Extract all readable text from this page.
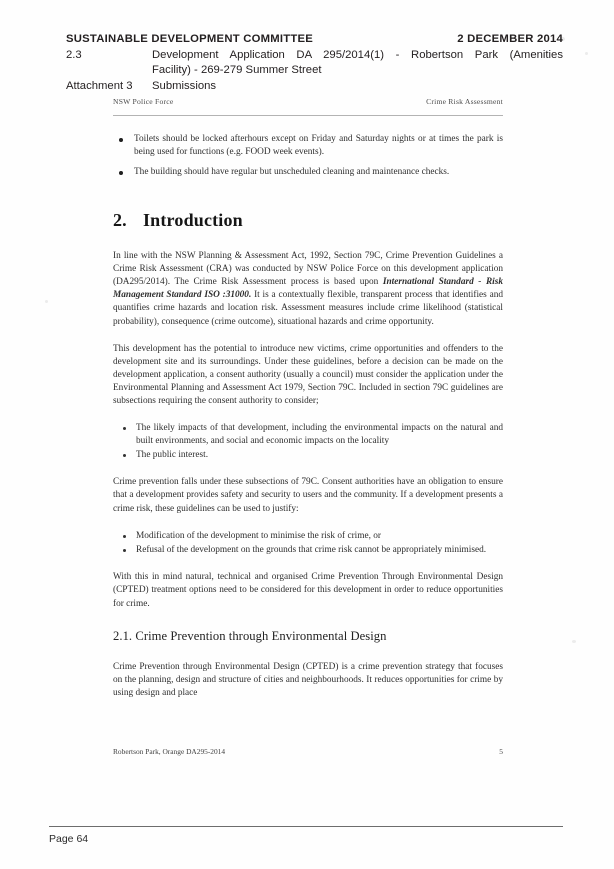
SUSTAINABLE DEVELOPMENT COMMITTEE	2 DECEMBER 2014
2.3	Development Application DA 295/2014(1) - Robertson Park (Amenities
Facility) - 269-279 Summer Street
Attachment 3	Submissions
NSW Police Force	Crime Risk Assessment
Toilets should be locked afterhours except on Friday and Saturday nights or at times the park is being used for functions (e.g. FOOD week events).
The building should have regular but unscheduled cleaning and maintenance checks.
2. Introduction

In line with the NSW Planning & Assessment Act, 1992, Section 79C, Crime Prevention Guidelines a Crime Risk Assessment (CRA) was conducted by NSW Police Force on this development application (DA295/2014). The Crime Risk Assessment process is based upon International Standard - Risk Management Standard ISO :31000. It is a contextually flexible, transparent process that identifies and quantifies crime hazards and location risk. Assessment measures include crime likelihood (statistical probability), consequence (crime outcome), situational hazards and crime opportunity.

This development has the potential to introduce new victims, crime opportunities and offenders to the development site and its surroundings. Under these guidelines, before a decision can be made on the development application, a consent authority (usually a council) must consider the application under the Environmental Planning and Assessment Act 1979, Section 79C. Included in section 79C guidelines are subsections requiring the consent authority to consider;

The likely impacts of that development, including the environmental impacts on the natural and built environments, and social and economic impacts on the locality
The public interest.

Crime prevention falls under these subsections of 79C. Consent authorities have an obligation to ensure that a development provides safety and security to users and the community. If a development presents a crime risk, these guidelines can be used to justify:

Modification of the development to minimise the risk of crime, or
Refusal of the development on the grounds that crime risk cannot be appropriately minimised.

With this in mind natural, technical and organised Crime Prevention Through Environmental Design (CPTED) treatment options need to be considered for this development in order to reduce opportunities for crime.

2.1. Crime Prevention through Environmental Design

Crime Prevention through Environmental Design (CPTED) is a crime prevention strategy that focuses on the planning, design and structure of cities and neighbourhoods. It reduces opportunities for crime by using design and place

Robertson Park, Orange DA295-2014	5
Page 64
